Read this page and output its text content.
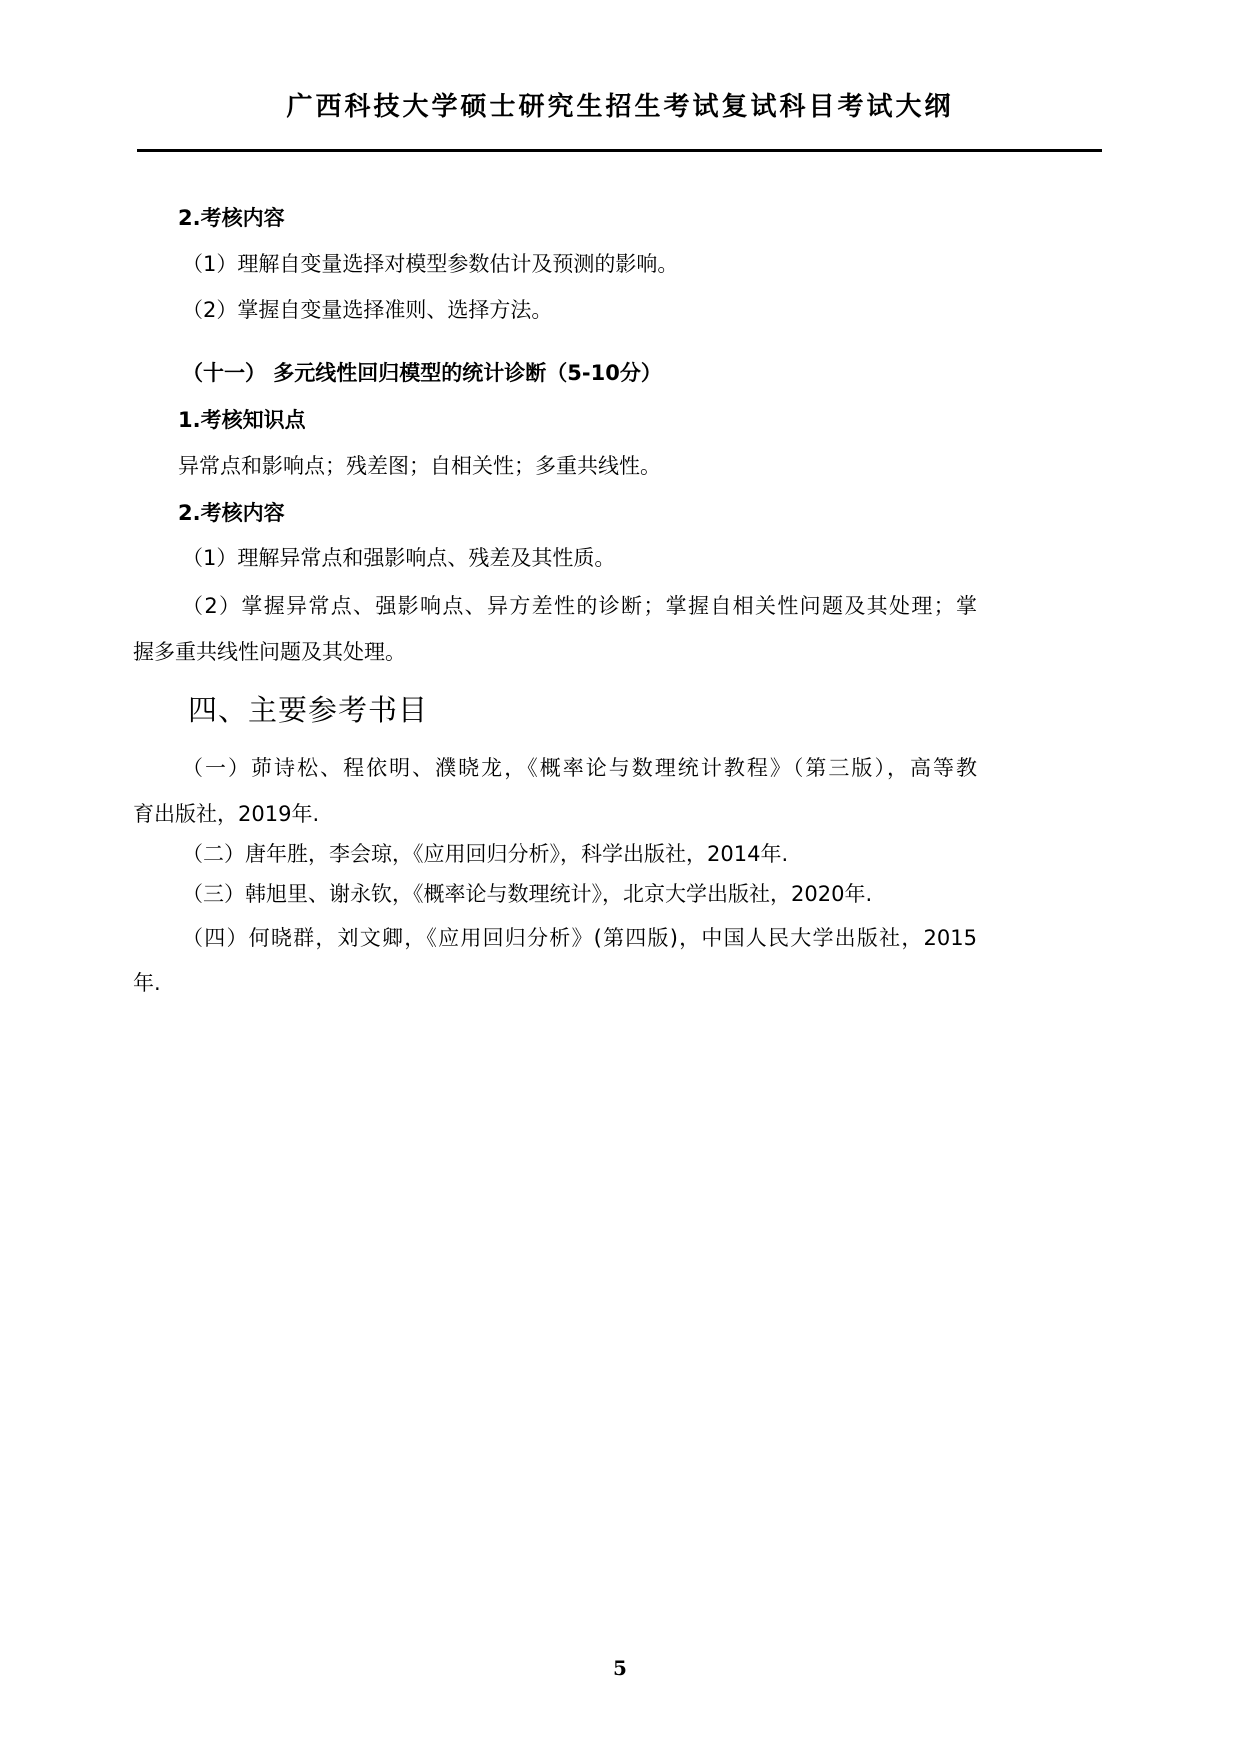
广西科技大学硕士研究生招生考试复试科目考试大纲
2.考核内容
（1）理解自变量选择对模型参数估计及预测的影响。
（2）掌握自变量选择准则、选择方法。
（十一） 多元线性回归模型的统计诊断（5-10分）
1.考核知识点
异常点和影响点；残差图；自相关性；多重共线性。
2.考核内容
（1）理解异常点和强影响点、残差及其性质。
（2）掌握异常点、强影响点、异方差性的诊断；掌握自相关性问题及其处理；掌
握多重共线性问题及其处理。
四、主要参考书目
（一）茆诗松、程依明、濮晓龙，《概率论与数理统计教程》（第三版），高等教
育出版社，2019年.
（二）唐年胜，李会琼，《应用回归分析》，科学出版社，2014年.
（三）韩旭里、谢永钦，《概率论与数理统计》，北京大学出版社，2020年.
（四）何晓群，刘文卿，《应用回归分析》(第四版)，中国人民大学出版社，2015
年.
5
